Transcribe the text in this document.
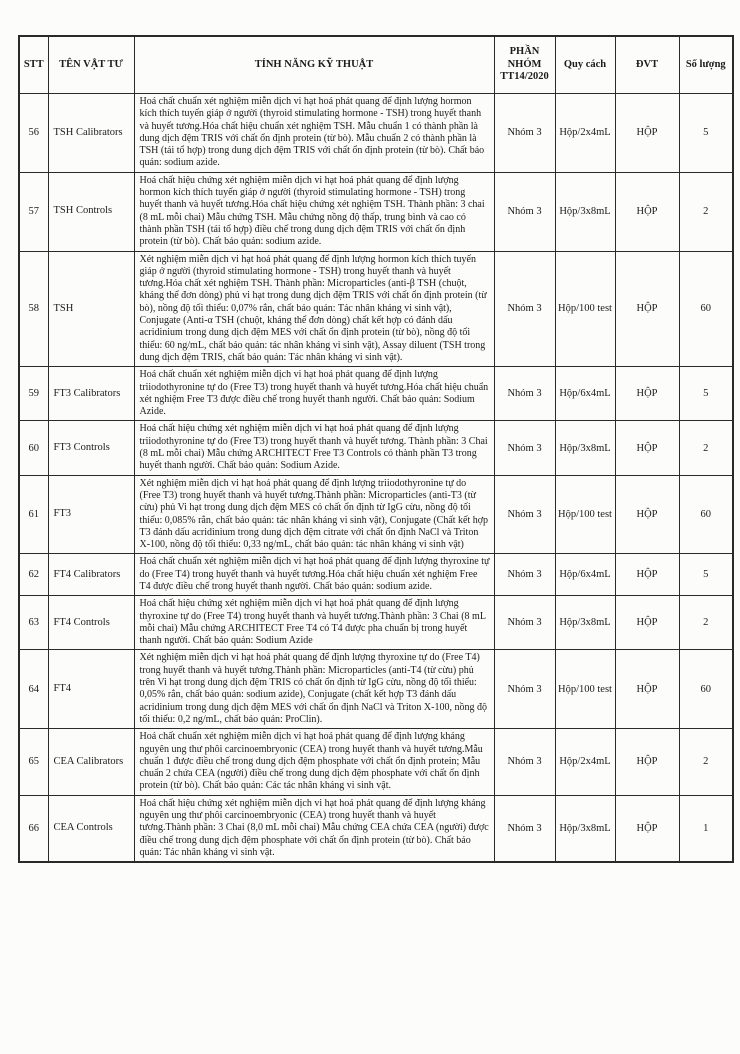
STT	TÊN VẬT TƯ	TÍNH NĂNG KỸ THUẬT	PHẦN NHÓM TT14/2020	Quy cách	ĐVT	Số lượng
56	TSH Calibrators	Hoá chất chuẩn xét nghiệm miễn dịch vi hạt hoá phát quang để định lượng hormon kích thích tuyến giáp ở người (thyroid stimulating hormone - TSH) trong huyết thanh và huyết tương.Hóa chất hiệu chuẩn xét nghiệm TSH. Mẫu chuẩn 1 có thành phần là dung dịch đệm TRIS với chất ổn định protein (từ bò). Mẫu chuẩn 2 có thành phần là TSH (tái tổ hợp) trong dung dịch đệm TRIS với chất ổn định protein (từ bò). Chất bảo quản: sodium azide.	Nhóm 3	Hộp/2x4mL	HỘP	5
57	TSH Controls	Hoá chất hiệu chứng xét nghiệm miễn dịch vi hạt hoá phát quang để định lượng hormon kích thích tuyến giáp ở người (thyroid stimulating hormone - TSH) trong huyết thanh và huyết tương.Hóa chất hiệu chứng xét nghiệm TSH. Thành phần: 3 chai (8 mL mỗi chai) Mẫu chứng TSH. Mẫu chứng nồng độ thấp, trung bình và cao có thành phần TSH (tái tổ hợp) điều chế trong dung dịch đệm TRIS với chất ổn định protein (từ bò). Chất bảo quản: sodium azide.	Nhóm 3	Hộp/3x8mL	HỘP	2
58	TSH	Xét nghiệm miễn dịch vi hạt hoá phát quang để định lượng hormon kích thích tuyến giáp ở người (thyroid stimulating hormone - TSH) trong huyết thanh và huyết tương.Hóa chất xét nghiệm TSH. Thành phần: Microparticles (anti-β TSH (chuột, kháng thể đơn dòng) phủ vi hạt trong dung dịch đệm TRIS với chất ổn định protein (từ bò), nồng độ tối thiểu: 0,07% rắn, chất bảo quản: Tác nhân kháng vi sinh vật), Conjugate (Anti-α TSH (chuột, kháng thể đơn dòng) chất kết hợp có đánh dấu acridinium trong dung dịch đệm MES với chất ổn định protein (từ bò), nồng độ tối thiểu: 60 ng/mL, chất bảo quản: tác nhân kháng vi sinh vật), Assay diluent (TSH trong dung dịch đệm TRIS, chất bảo quản: Tác nhân kháng vi sinh vật).	Nhóm 3	Hộp/100 test	HỘP	60
59	FT3 Calibrators	Hoá chất chuẩn xét nghiệm miễn dịch vi hạt hoá phát quang để định lượng triiodothyronine tự do (Free T3) trong huyết thanh và huyết tương.Hóa chất hiệu chuẩn xét nghiệm Free T3 được điều chế trong huyết thanh người. Chất bảo quản: Sodium Azide.	Nhóm 3	Hộp/6x4mL	HỘP	5
60	FT3 Controls	Hoá chất hiệu chứng xét nghiệm miễn dịch vi hạt hoá phát quang để định lượng triiodothyronine tự do (Free T3) trong huyết thanh và huyết tương. Thành phần: 3 Chai (8 mL mỗi chai) Mẫu chứng ARCHITECT Free T3 Controls có thành phần T3 trong huyết thanh người. Chất bảo quản: Sodium Azide.	Nhóm 3	Hộp/3x8mL	HỘP	2
61	FT3	Xét nghiệm miễn dịch vi hạt hoá phát quang để định lượng triiodothyronine tự do (Free T3) trong huyết thanh và huyết tương.Thành phần: Microparticles (anti-T3 (từ cừu) phủ Vi hạt trong dung dịch đệm MES có chất ổn định từ IgG cừu, nồng độ tối thiểu: 0,085% rắn, chất bảo quản: tác nhân kháng vi sinh vật), Conjugate (Chất kết hợp T3 đánh dấu acridinium trong dung dịch đệm citrate với chất ổn định NaCl và Triton X-100, nồng độ tối thiểu: 0,33 ng/mL, chất bảo quản: tác nhân kháng vi sinh vật)	Nhóm 3	Hộp/100 test	HỘP	60
62	FT4 Calibrators	Hoá chất chuẩn xét nghiệm miễn dịch vi hạt hoá phát quang để định lượng thyroxine tự do (Free T4) trong huyết thanh và huyết tương.Hóa chất hiệu chuẩn xét nghiệm Free T4 được điều chế trong huyết thanh người. Chất bảo quản: sodium azide.	Nhóm 3	Hộp/6x4mL	HỘP	5
63	FT4 Controls	Hoá chất hiệu chứng xét nghiệm miễn dịch vi hạt hoá phát quang để định lượng thyroxine tự do (Free T4) trong huyết thanh và huyết tương.Thành phần: 3 Chai (8 mL mỗi chai) Mẫu chứng ARCHITECT Free T4 có T4 được pha chuẩn bị trong huyết thanh người. Chất bảo quản: Sodium Azide	Nhóm 3	Hộp/3x8mL	HỘP	2
64	FT4	Xét nghiệm miễn dịch vi hạt hoá phát quang để định lượng thyroxine tự do (Free T4) trong huyết thanh và huyết tương.Thành phần: Microparticles (anti-T4 (từ cừu) phủ trên Vi hạt trong dung dịch đệm TRIS có chất ổn định từ IgG cừu, nồng độ tối thiểu: 0,05% rắn, chất bảo quản: sodium azide), Conjugate (chất kết hợp T3 đánh dấu acridinium trong dung dịch đệm MES với chất ổn định NaCl và Triton X-100, nồng độ tối thiểu: 0,2 ng/mL, chất bảo quản: ProClin).	Nhóm 3	Hộp/100 test	HỘP	60
65	CEA Calibrators	Hoá chất chuẩn xét nghiệm miễn dịch vi hạt hoá phát quang để định lượng kháng nguyên ung thư phôi carcinoembryonic (CEA) trong huyết thanh và huyết tương.Mẫu chuẩn 1 được điều chế trong dung dịch đệm phosphate với chất ổn định protein; Mẫu chuẩn 2 chứa CEA (người) điều chế trong dung dịch đệm phosphate với chất ổn định protein (từ bò). Chất bảo quản: Các tác nhân kháng vi sinh vật.	Nhóm 3	Hộp/2x4mL	HỘP	2
66	CEA Controls	Hoá chất hiệu chứng xét nghiệm miễn dịch vi hạt hoá phát quang để định lượng kháng nguyên ung thư phôi carcinoembryonic (CEA) trong huyết thanh và huyết tương.Thành phần: 3 Chai (8,0 mL mỗi chai) Mẫu chứng CEA chứa CEA (người) được điều chế trong dung dịch đệm phosphate với chất ổn định protein (từ bò). Chất bảo quản: Tác nhân kháng vi sinh vật.	Nhóm 3	Hộp/3x8mL	HỘP	1
